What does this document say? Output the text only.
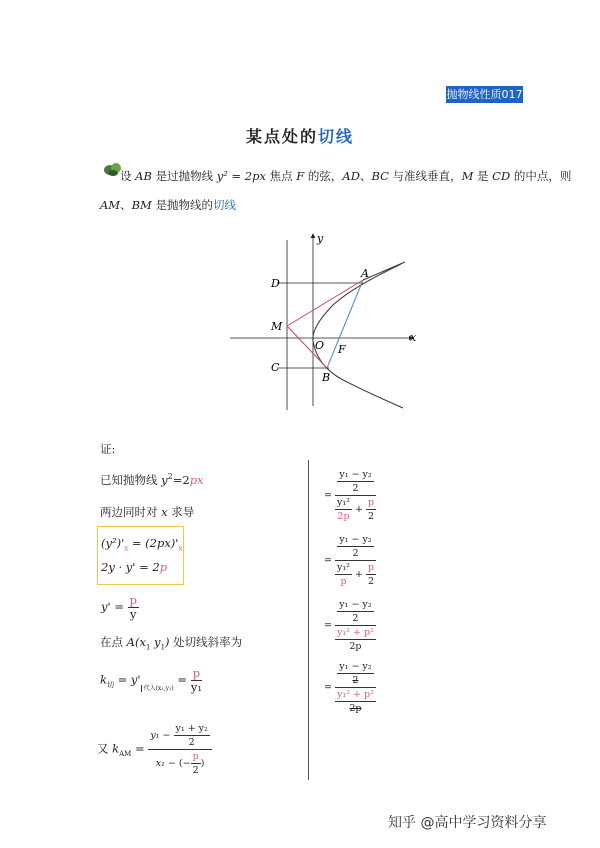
抛物线性质017
某点处的切线
设 AB 是过抛物线 y² = 2px 焦点 F 的弦，AD、BC 与准线垂直，M 是 CD 的中点，则
AM、BM 是抛物线的切线
y
x
A
B
C
D
M
O F
证:
已知抛物线 $y^2=2px$
两边同时对 x 求导
$(y^2)'_x = (2px)'_x$
2y · y' = 2p
$y' = \frac{p}{y}$
在点 $A(x_1$ $y_1$) 处切线斜率为
$k_切 = y'_{代入(x_1,y_1)} = \frac{p}{\text{y₁}}$
又 $k_{AM} = \frac{y_1 - \frac{\text{y₁ + y₂}}{2}}{x_1 - (- \frac{p}{2} )}$
= $\frac{\frac{\text{y₁ − y₂}}{2}}{\frac{\text{y₁²}}{2p} + \frac{p}{2}}$
= $\frac{\frac{\text{y₁ − y₂}}{2}}{\frac{\text{y₁²}}{p} + \frac{p}{2}}$
= $\frac{\frac{\text{y₁ − y₂}}{2}}{\frac{\text{y₁² + p²}}{2p}}$
= $\frac{\frac{\text{y₁ − y₂}}{2}}{\frac{\text{y₁² + p²}}{2p}}$
知乎 @高中学习资料分享
